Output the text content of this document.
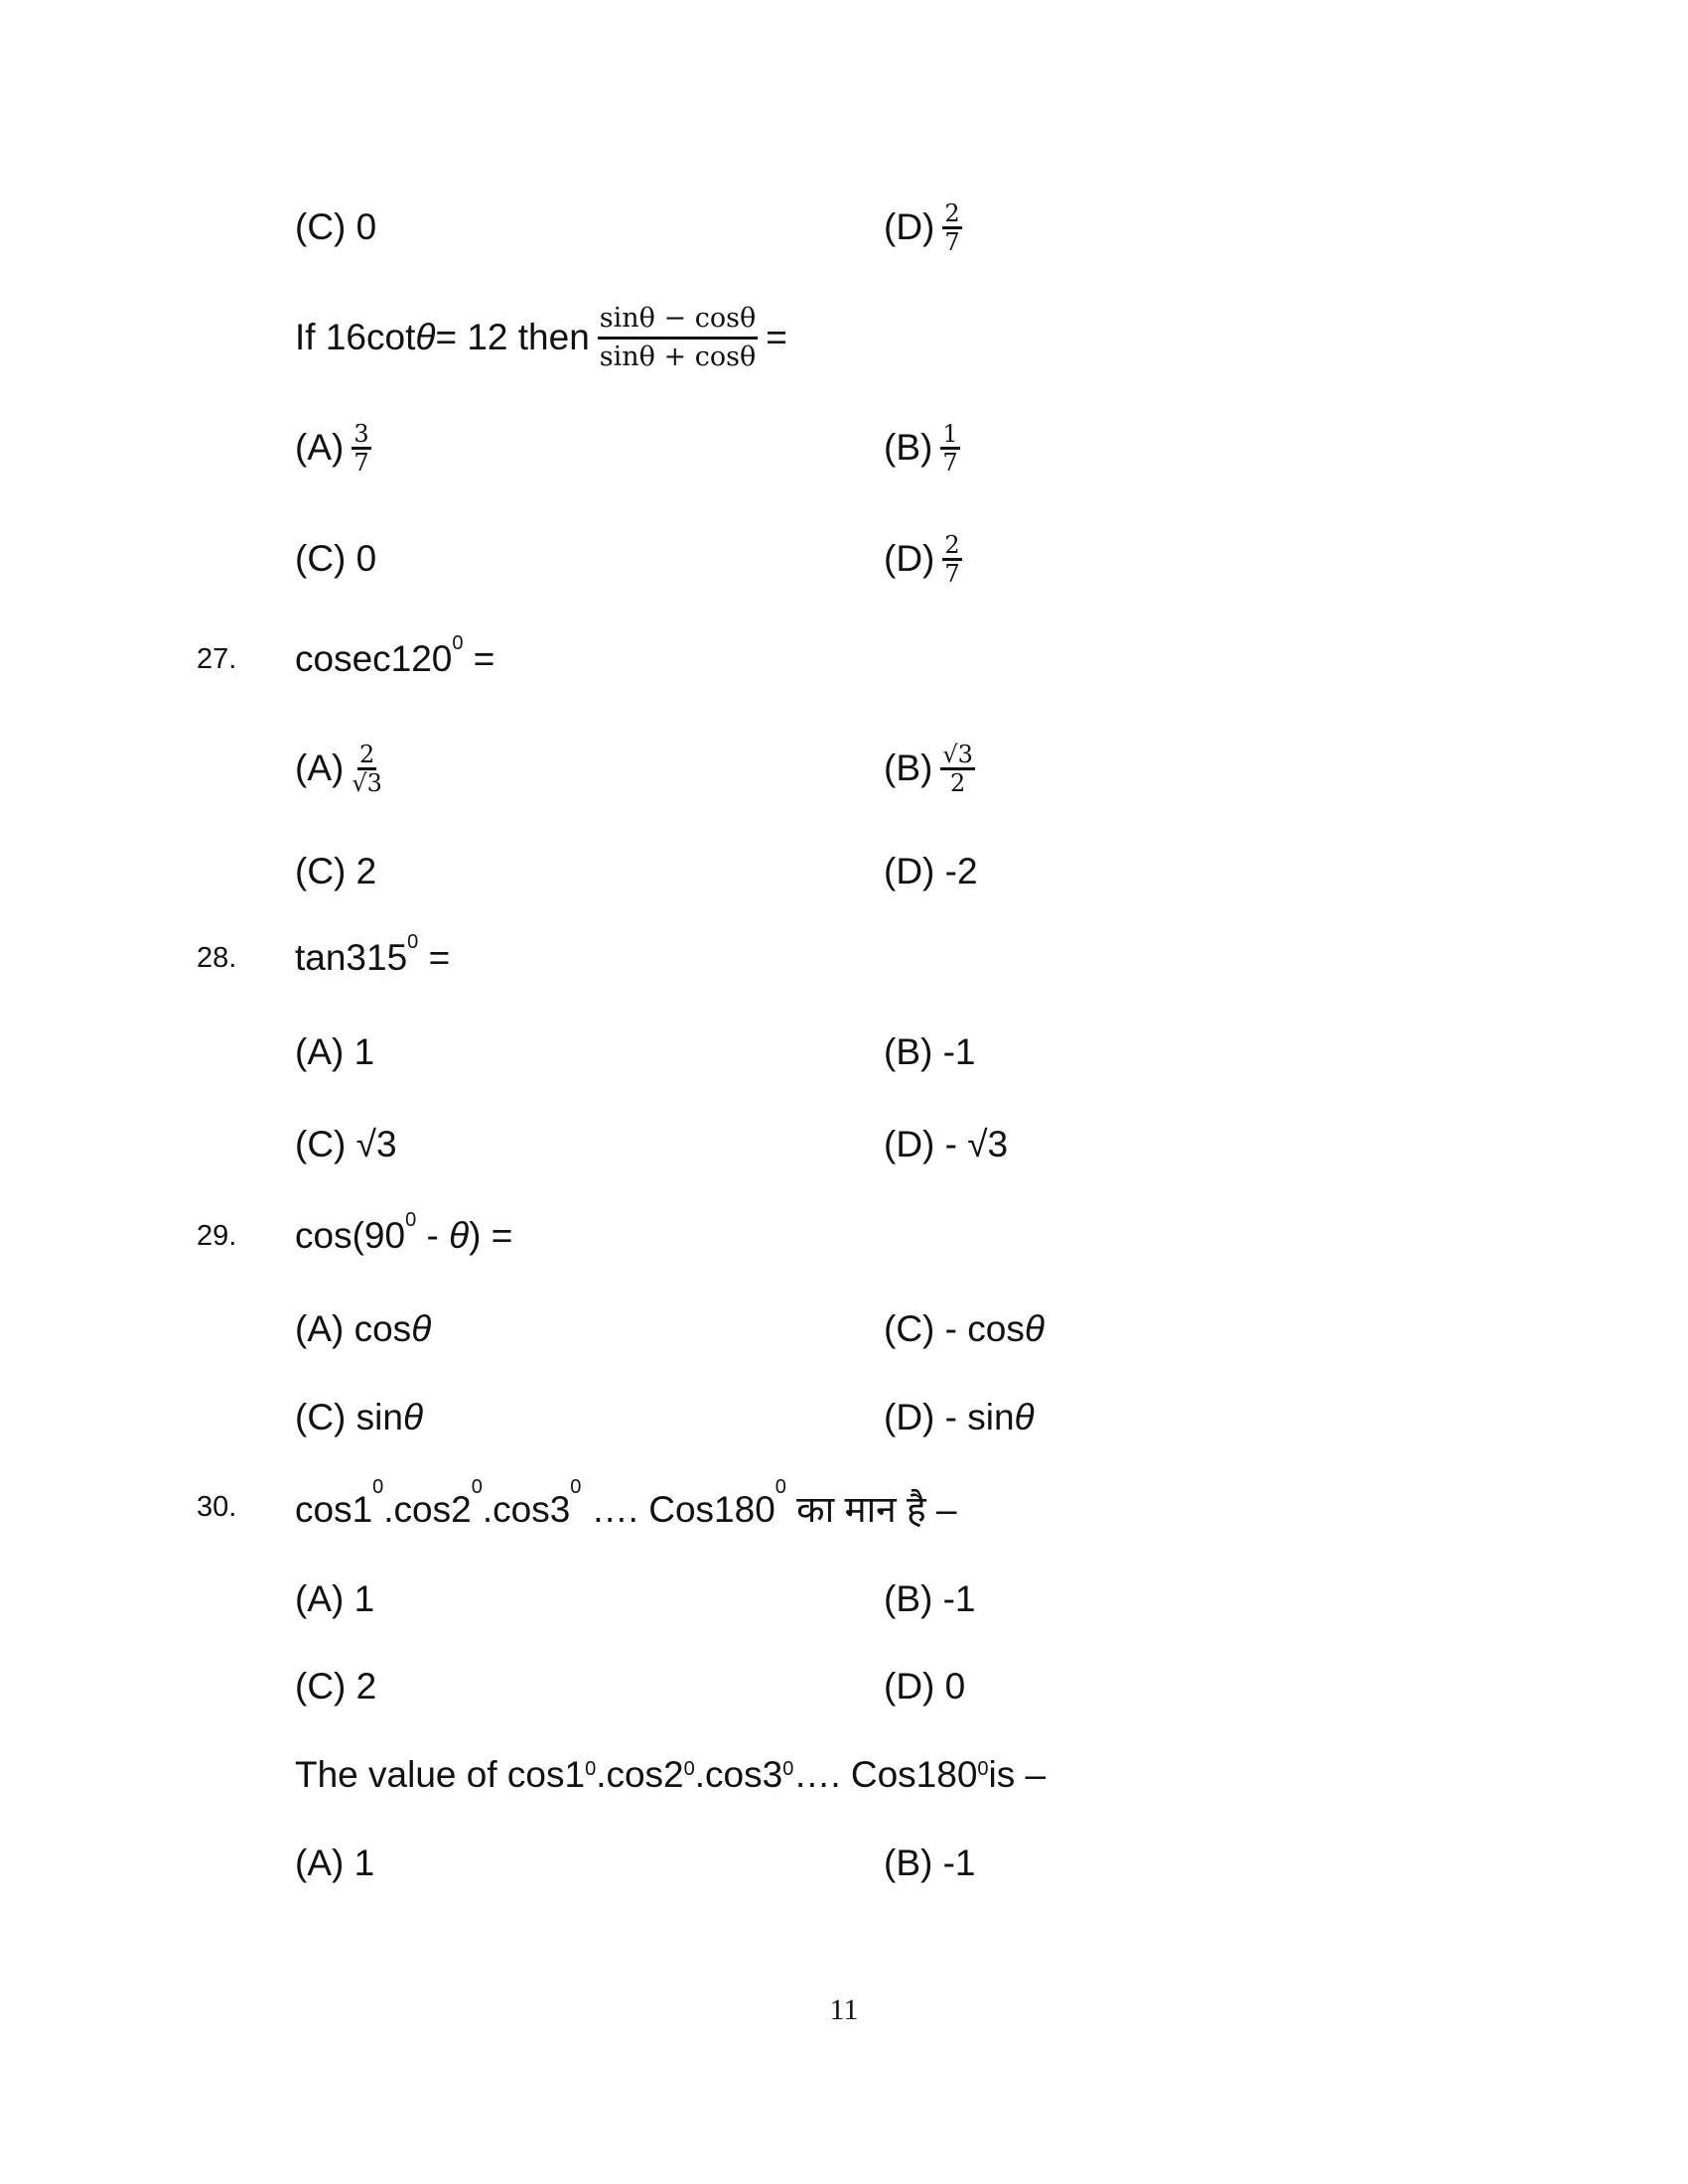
(C) 0	$(D) \frac{2}{7}$
If 16cot θ = 12 then $\frac{\sin\theta - \cos\theta}{\sin\theta + \cos\theta}$ =
$(A) \frac{3}{7}$	$(B) \frac{1}{7}$
(C) 0	$(D) \frac{2}{7}$
27. $cosec120^0$ =
$(A) \frac{2}{√3}$	$(B) \frac{√3}{2}$
(C) 2	(D) -2
28. $\tan 315^0$ =
(A) 1	(B) -1
(C) √3	(D) - √3
29. $\cos(90^0 - \theta)$ =
(A) cos θ	(C) - cos θ
(C) sin θ	(D) - sin θ
30. $\cos 1^0.\cos 2^0.\cos 3^0$ …. $Cos180^0$ का मान है –
(A) 1	(B) -1
(C) 2	(D) 0
The value of $\cos 1^0$ $.\cos 2^0$ $.\cos 3^0$ …. $Cos180^0$ is –
(A) 1	(B) -1
11
